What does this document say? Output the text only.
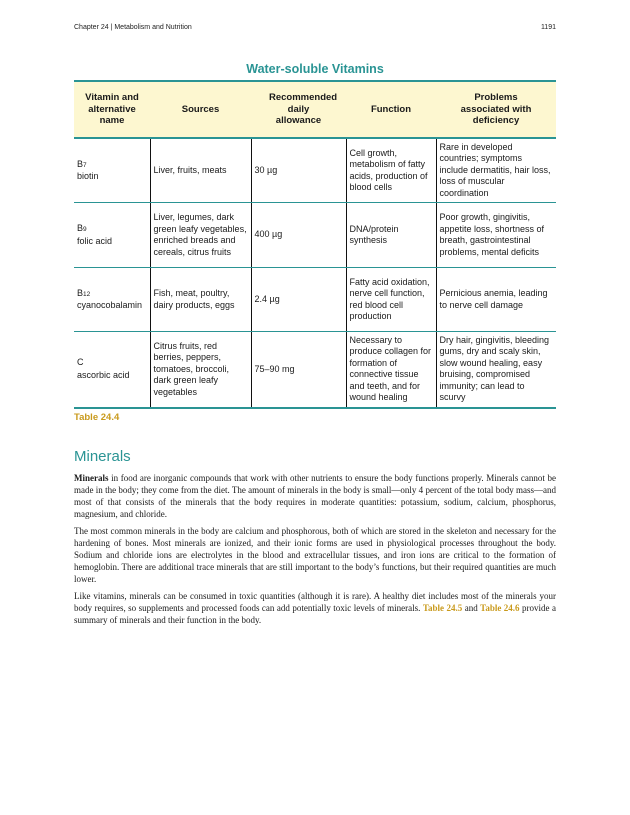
Chapter 24 | Metabolism and Nutrition	1191
Water-soluble Vitamins
Vitamin and alternative name	Sources	Recommended daily allowance	Function	Problems associated with deficiency
B7
biotin	Liver, fruits, meats	30 µg	Cell growth, metabolism of fatty acids, production of blood cells	Rare in developed countries; symptoms include dermatitis, hair loss, loss of muscular coordination
B9
folic acid	Liver, legumes, dark green leafy vegetables, enriched breads and cereals, citrus fruits	400 µg	DNA/protein synthesis	Poor growth, gingivitis, appetite loss, shortness of breath, gastrointestinal problems, mental deficits
B12
cyanocobalamin	Fish, meat, poultry, dairy products, eggs	2.4 µg	Fatty acid oxidation, nerve cell function, red blood cell production	Pernicious anemia, leading to nerve cell damage
C
ascorbic acid	Citrus fruits, red berries, peppers, tomatoes, broccoli, dark green leafy vegetables	75–90 mg	Necessary to produce collagen for formation of connective tissue and teeth, and for wound healing	Dry hair, gingivitis, bleeding gums, dry and scaly skin, slow wound healing, easy bruising, compromised immunity; can lead to scurvy
Table 24.4
Minerals

Minerals in food are inorganic compounds that work with other nutrients to ensure the body functions properly. Minerals cannot be made in the body; they come from the diet. The amount of minerals in the body is small—only 4 percent of the total body mass—and most of that consists of the minerals that the body requires in moderate quantities: potassium, sodium, calcium, phosphorus, magnesium, and chloride.

The most common minerals in the body are calcium and phosphorous, both of which are stored in the skeleton and necessary for the hardening of bones. Most minerals are ionized, and their ionic forms are used in physiological processes throughout the body. Sodium and chloride ions are electrolytes in the blood and extracellular tissues, and iron ions are critical to the formation of hemoglobin. There are additional trace minerals that are still important to the body’s functions, but their required quantities are much lower.

Like vitamins, minerals can be consumed in toxic quantities (although it is rare). A healthy diet includes most of the minerals your body requires, so supplements and processed foods can add potentially toxic levels of minerals. Table 24.5 and Table 24.6 provide a summary of minerals and their function in the body.
